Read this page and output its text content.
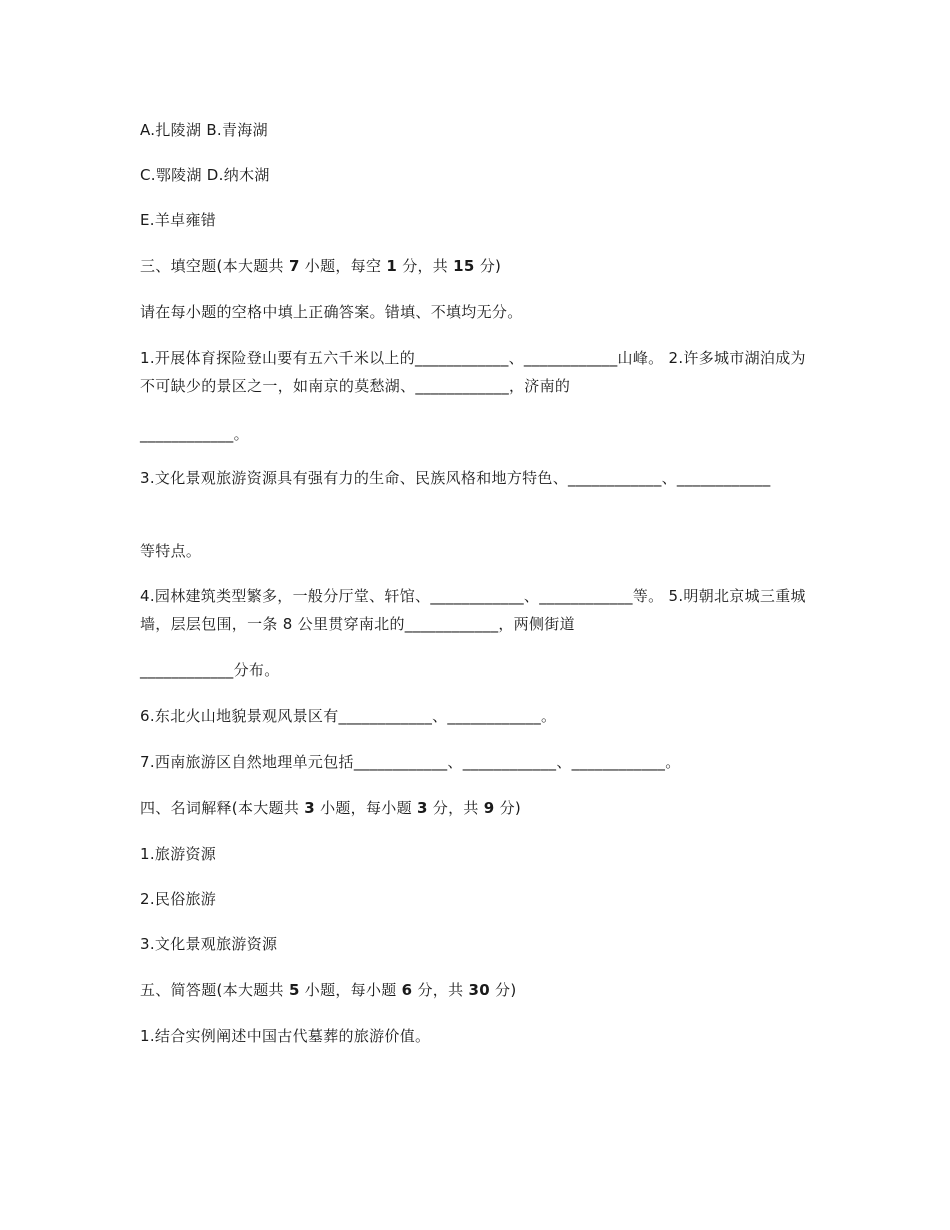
A.扎陵湖 B.青海湖
C.鄂陵湖 D.纳木湖
E.羊卓雍错
三、填空题(本大题共 7 小题，每空 1 分，共 15 分)
请在每小题的空格中填上正确答案。错填、不填均无分。
1.开展体育探险登山要有五六千米以上的____________、____________山峰。 2.许多城市湖泊成为不可缺少的景区之一，如南京的莫愁湖、____________，济南的
____________。
3.文化景观旅游资源具有强有力的生命、民族风格和地方特色、____________、____________
等特点。
4.园林建筑类型繁多，一般分厅堂、轩馆、____________、____________等。 5.明朝北京城三重城墙，层层包围，一条 8 公里贯穿南北的____________，两侧街道
____________分布。
6.东北火山地貌景观风景区有____________、____________。
7.西南旅游区自然地理单元包括____________、____________、____________。
四、名词解释(本大题共 3 小题，每小题 3 分，共 9 分)
1.旅游资源
2.民俗旅游
3.文化景观旅游资源
五、简答题(本大题共 5 小题，每小题 6 分，共 30 分)
1.结合实例阐述中国古代墓葬的旅游价值。
